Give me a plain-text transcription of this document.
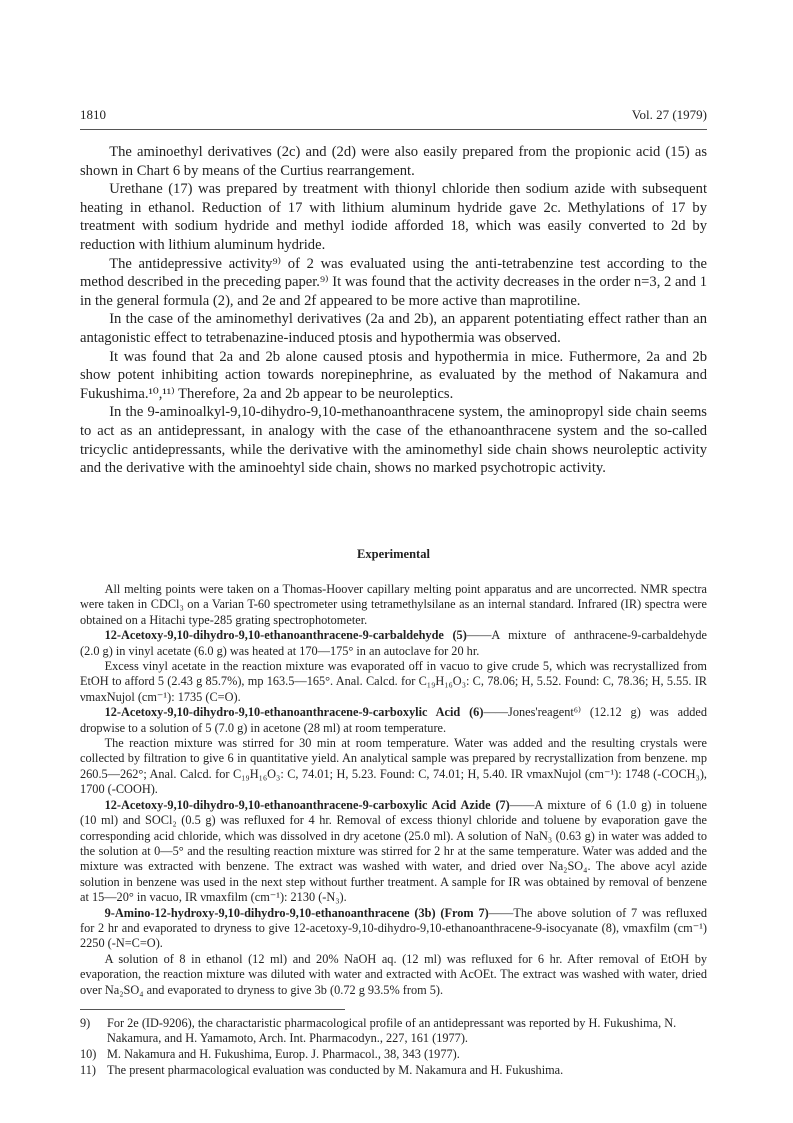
1810	Vol. 27 (1979)

The aminoethyl derivatives (2c) and (2d) were also easily prepared from the propionic acid (15) as shown in Chart 6 by means of the Curtius rearrangement.

Urethane (17) was prepared by treatment with thionyl chloride then sodium azide with subsequent heating in ethanol. Reduction of 17 with lithium aluminum hydride gave 2c. Methylations of 17 by treatment with sodium hydride and methyl iodide afforded 18, which was easily converted to 2d by reduction with lithium aluminum hydride.

The antidepressive activity⁹⁾ of 2 was evaluated using the anti-tetrabenzine test according to the method described in the preceding paper.⁹⁾ It was found that the activity decreases in the order n=3, 2 and 1 in the general formula (2), and 2e and 2f appeared to be more active than maprotiline.

In the case of the aminomethyl derivatives (2a and 2b), an apparent potentiating effect rather than an antagonistic effect to tetrabenazine-induced ptosis and hypothermia was observed.

It was found that 2a and 2b alone caused ptosis and hypothermia in mice. Futhermore, 2a and 2b show potent inhibiting action towards norepinephrine, as evaluated by the method of Nakamura and Fukushima.¹⁰,¹¹⁾ Therefore, 2a and 2b appear to be neuroleptics.

In the 9-aminoalkyl-9,10-dihydro-9,10-methanoanthracene system, the aminopropyl side chain seems to act as an antidepressant, in analogy with the case of the ethanoanthracene system and the so-called tricyclic antidepressants, while the derivative with the aminomethyl side chain shows neuroleptic activity and the derivative with the aminoehtyl side chain, shows no marked psychotropic activity.

Experimental

All melting points were taken on a Thomas-Hoover capillary melting point apparatus and are uncorrected. NMR spectra were taken in CDCl₃ on a Varian T-60 spectrometer using tetramethylsilane as an internal standard. Infrared (IR) spectra were obtained on a Hitachi type-285 grating spectrophotometer.

12-Acetoxy-9,10-dihydro-9,10-ethanoanthracene-9-carbaldehyde (5)——A mixture of anthracene-9-carbaldehyde (2.0 g) in vinyl acetate (6.0 g) was heated at 170—175° in an autoclave for 20 hr.

Excess vinyl acetate in the reaction mixture was evaporated off in vacuo to give crude 5, which was recrystallized from EtOH to afford 5 (2.43 g 85.7%), mp 163.5—165°. Anal. Calcd. for C₁₉H₁₆O₃: C, 78.06; H, 5.52. Found: C, 78.36; H, 5.55. IR νmaxNujol (cm⁻¹): 1735 (C=O).

12-Acetoxy-9,10-dihydro-9,10-ethanoanthracene-9-carboxylic Acid (6)——Jones'reagent⁶⁾ (12.12 g) was added dropwise to a solution of 5 (7.0 g) in acetone (28 ml) at room temperature.

The reaction mixture was stirred for 30 min at room temperature. Water was added and the resulting crystals were collected by filtration to give 6 in quantitative yield. An analytical sample was prepared by recrystallization from benzene. mp 260.5—262°; Anal. Calcd. for C₁₉H₁₆O₃: C, 74.01; H, 5.23. Found: C, 74.01; H, 5.40. IR νmaxNujol (cm⁻¹): 1748 (-COCH₃), 1700 (-COOH).

12-Acetoxy-9,10-dihydro-9,10-ethanoanthracene-9-carboxylic Acid Azide (7)——A mixture of 6 (1.0 g) in toluene (10 ml) and SOCl₂ (0.5 g) was refluxed for 4 hr. Removal of excess thionyl chloride and toluene by evaporation gave the corresponding acid chloride, which was dissolved in dry acetone (25.0 ml). A solution of NaN₃ (0.63 g) in water was added to the solution at 0—5° and the resulting reaction mixture was stirred for 2 hr at the same temperature. Water was added and the mixture was extracted with benzene. The extract was washed with water, and dried over Na₂SO₄. The above acyl azide solution in benzene was used in the next step without further treatment. A sample for IR was obtained by removal of benzene at 15—20° in vacuo, IR νmaxfilm (cm⁻¹): 2130 (-N₃).

9-Amino-12-hydroxy-9,10-dihydro-9,10-ethanoanthracene (3b) (From 7)——The above solution of 7 was refluxed for 2 hr and evaporated to dryness to give 12-acetoxy-9,10-dihydro-9,10-ethanoanthracene-9-isocyanate (8), νmaxfilm (cm⁻¹) 2250 (-N=C=O).

A solution of 8 in ethanol (12 ml) and 20% NaOH aq. (12 ml) was refluxed for 6 hr. After removal of EtOH by evaporation, the reaction mixture was diluted with water and extracted with AcOEt. The extract was washed with water, dried over Na₂SO₄ and evaporated to dryness to give 3b (0.72 g 93.5% from 5).

9) For 2e (ID-9206), the charactaristic pharmacological profile of an antidepressant was reported by H. Fukushima, N. Nakamura, and H. Yamamoto, Arch. Int. Pharmacodyn., 227, 161 (1977).
10) M. Nakamura and H. Fukushima, Europ. J. Pharmacol., 38, 343 (1977).
11) The present pharmacological evaluation was conducted by M. Nakamura and H. Fukushima.
